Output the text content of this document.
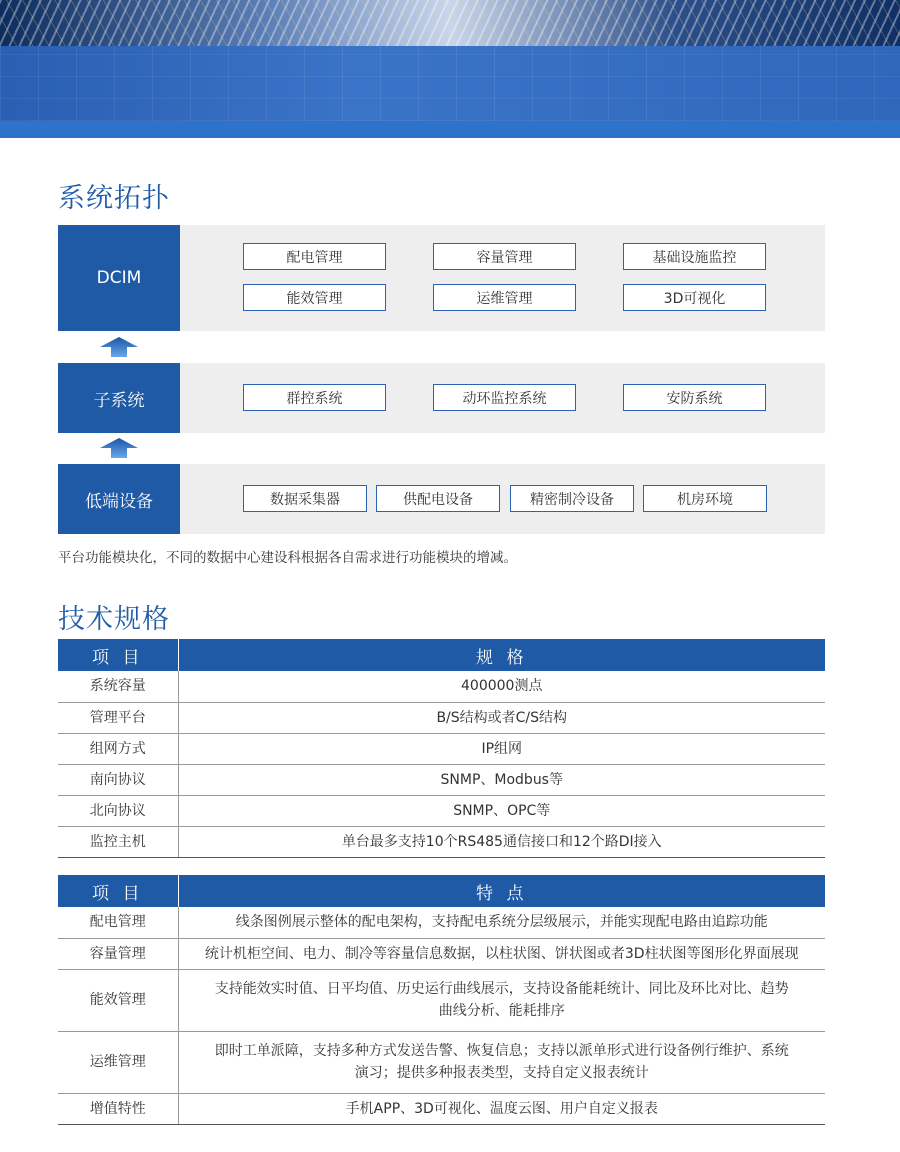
系统拓扑
DCIM
配电管理	容量管理	基础设施监控
能效管理	运维管理	3D可视化
子系统	群控系统	动环监控系统	安防系统
低端设备	数据采集器	供配电设备	精密制冷设备	机房环境
平台功能模块化，不同的数据中心建设科根据各自需求进行功能模块的增减。
技术规格
项 目	规 格
系统容量	400000测点
管理平台	B/S结构或者C/S结构
组网方式	IP组网
南向协议	SNMP、Modbus等
北向协议	SNMP、OPC等
监控主机	单台最多支持10个RS485通信接口和12个路DI接入
项 目	特 点
配电管理	线条图例展示整体的配电架构，支持配电系统分层级展示，并能实现配电路由追踪功能
容量管理	统计机柜空间、电力、制冷等容量信息数据，以柱状图、饼状图或者3D柱状图等图形化界面展现
能效管理	支持能效实时值、日平均值、历史运行曲线展示，支持设备能耗统计、同比及环比对比、趋势曲线分析、能耗排序
运维管理	即时工单派障，支持多种方式发送告警、恢复信息；支持以派单形式进行设备例行维护、系统演习；提供多种报表类型，支持自定义报表统计
增值特性	手机APP、3D可视化、温度云图、用户自定义报表
